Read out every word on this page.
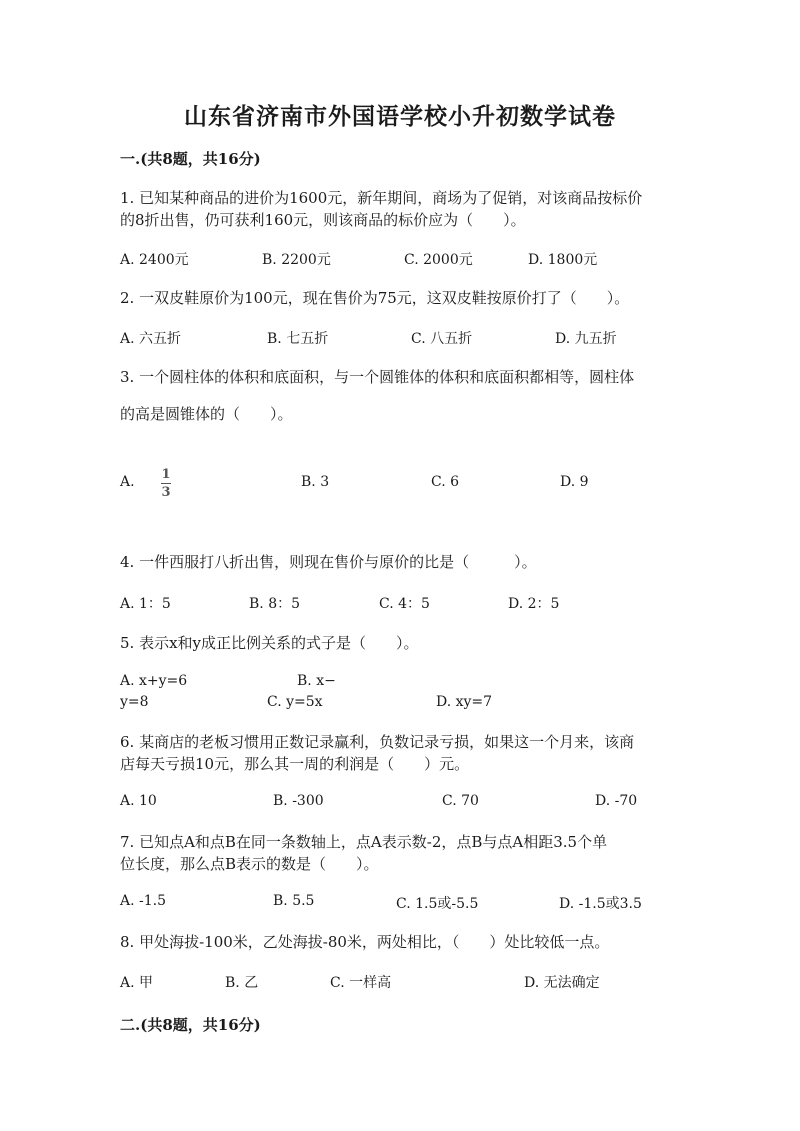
山东省济南市外国语学校小升初数学试卷
一.(共8题，共16分)
1. 已知某种商品的进价为1600元，新年期间，商场为了促销，对该商品按标价
的8折出售，仍可获利160元，则该商品的标价应为（　　）。
A. 2400元	B. 2200元	C. 2000元	D. 1800元
2. 一双皮鞋原价为100元，现在售价为75元，这双皮鞋按原价打了（　　）。
A. 六五折	B. 七五折	C. 八五折	D. 九五折
3. 一个圆柱体的体积和底面积，与一个圆锥体的体积和底面积都相等，圆柱体
的高是圆锥体的（　　）。
A. 1
3
B. 3	C. 6	D. 9
4. 一件西服打八折出售，则现在售价与原价的比是（　　　）。
A. 1：5	B. 8：5	C. 4：5	D. 2：5
5. 表示x和y成正比例关系的式子是（　　）。
A. x+y=6	B. x−
y=8	C. y=5x	D. xy=7
6. 某商店的老板习惯用正数记录赢利，负数记录亏损，如果这一个月来，该商
店每天亏损10元，那么其一周的利润是（　　）元。
A. 10	B. -300	C. 70	D. -70
7. 已知点A和点B在同一条数轴上，点A表示数-2，点B与点A相距3.5个单
位长度，那么点B表示的数是（　　）。
A. -1.5	B. 5.5	C. 1.5或-5.5	D. -1.5或3.5
8. 甲处海拔-100米，乙处海拔-80米，两处相比，（　　）处比较低一点。
A. 甲	B. 乙	C. 一样高	D. 无法确定
二.(共8题，共16分)
